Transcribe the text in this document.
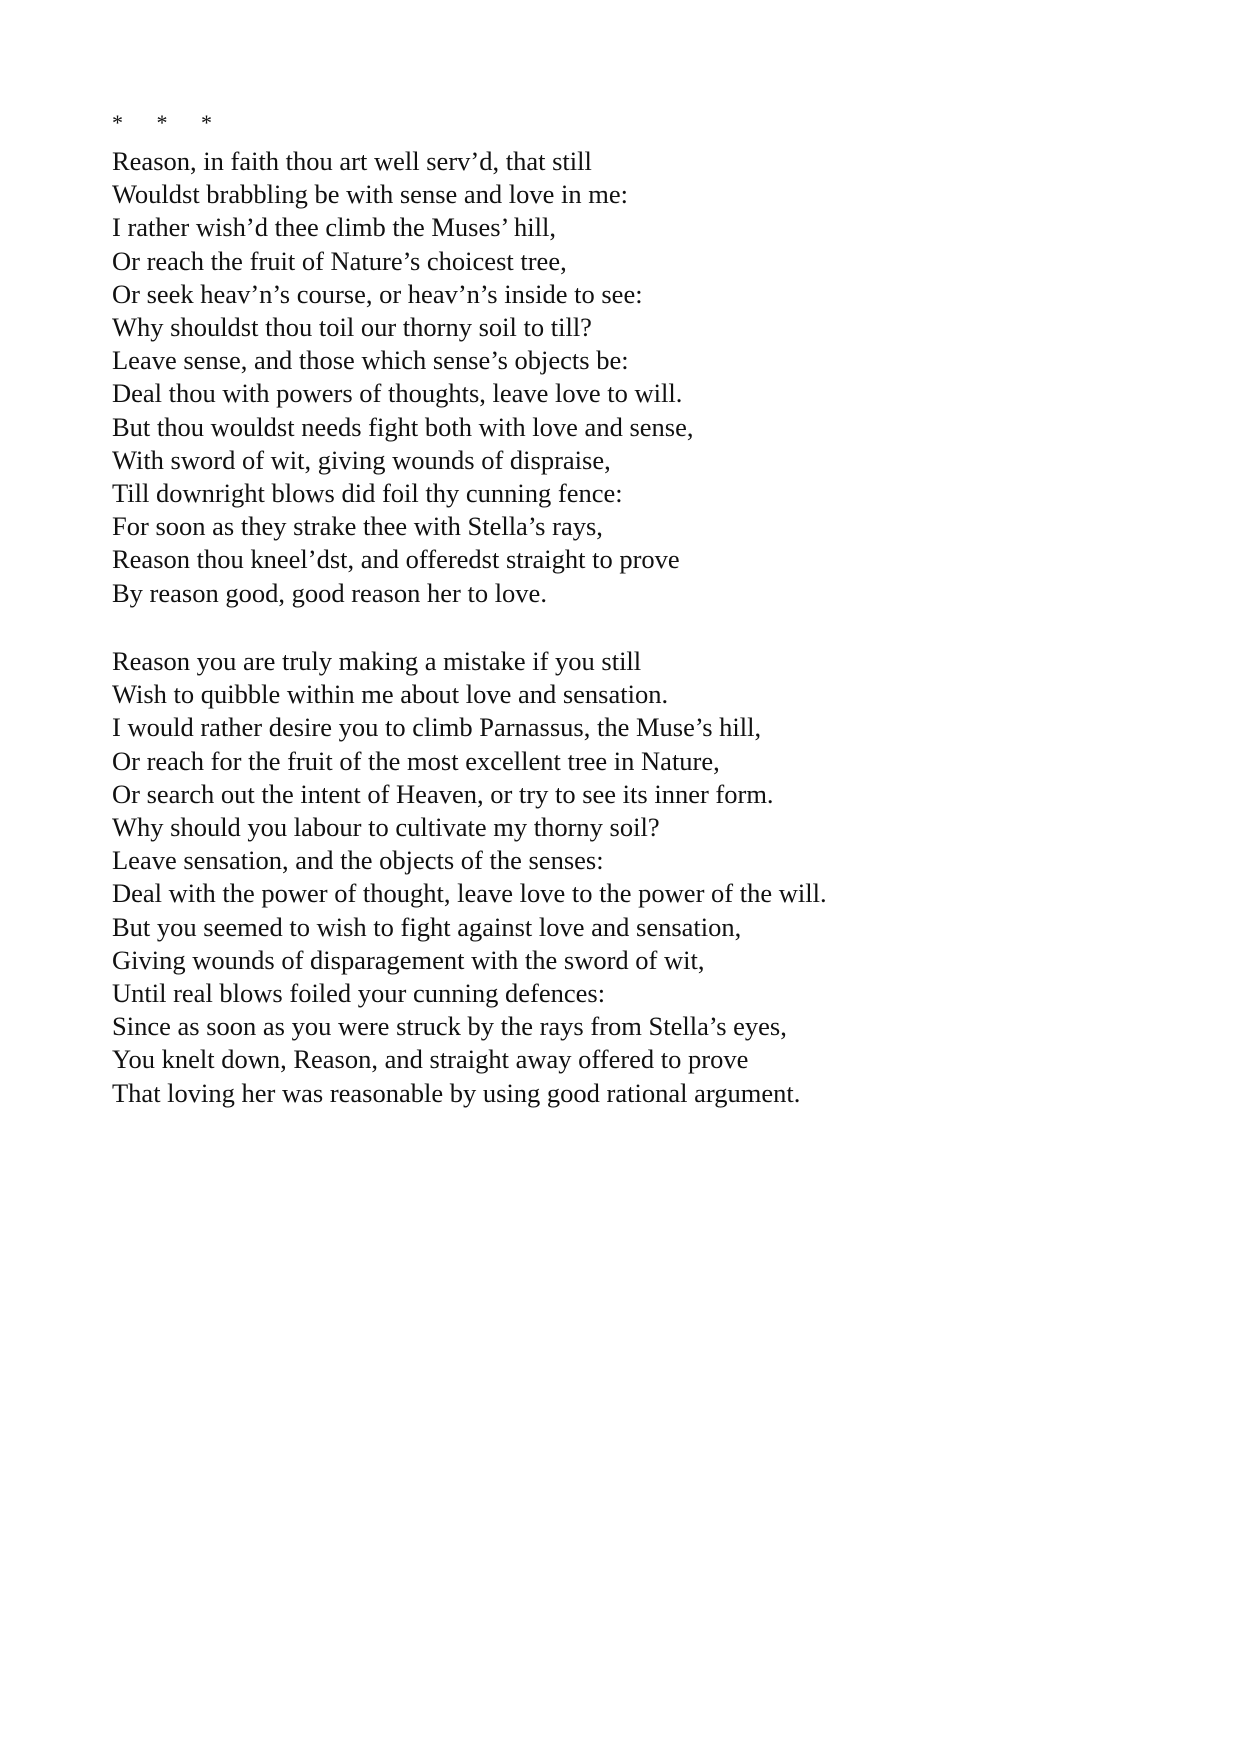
* * *
Reason, in faith thou art well serv’d, that still
Wouldst brabbling be with sense and love in me:
I rather wish’d thee climb the Muses’ hill,
Or reach the fruit of Nature’s choicest tree,
Or seek heav’n’s course, or heav’n’s inside to see:
Why shouldst thou toil our thorny soil to till?
Leave sense, and those which sense’s objects be:
Deal thou with powers of thoughts, leave love to will.
But thou wouldst needs fight both with love and sense,
With sword of wit, giving wounds of dispraise,
Till downright blows did foil thy cunning fence:
For soon as they strake thee with Stella’s rays,
Reason thou kneel’dst, and offeredst straight to prove
By reason good, good reason her to love.
Reason you are truly making a mistake if you still
Wish to quibble within me about love and sensation.
I would rather desire you to climb Parnassus, the Muse’s hill,
Or reach for the fruit of the most excellent tree in Nature,
Or search out the intent of Heaven, or try to see its inner form.
Why should you labour to cultivate my thorny soil?
Leave sensation, and the objects of the senses:
Deal with the power of thought, leave love to the power of the will.
But you seemed to wish to fight against love and sensation,
Giving wounds of disparagement with the sword of wit,
Until real blows foiled your cunning defences:
Since as soon as you were struck by the rays from Stella’s eyes,
You knelt down, Reason, and straight away offered to prove
That loving her was reasonable by using good rational argument.
